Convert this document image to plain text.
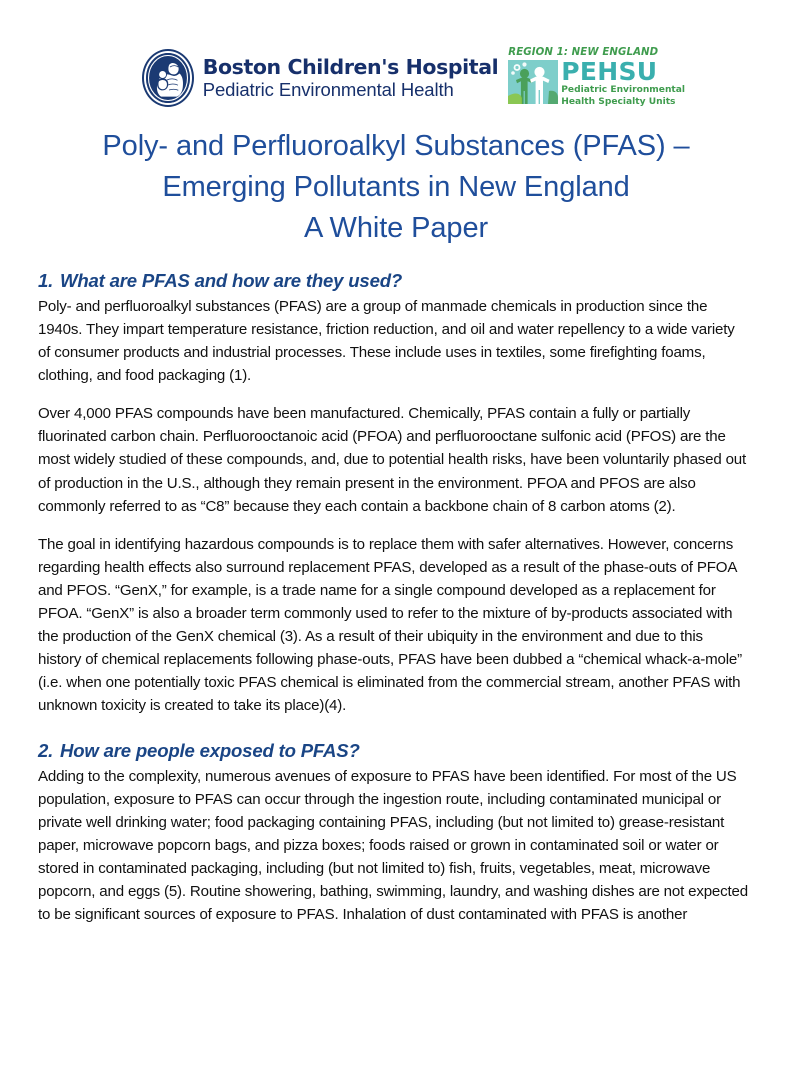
Boston Children's Hospital
Pediatric Environmental Health
REGION 1: NEW ENGLAND
PEHSU
Pediatric Environmental
Health Specialty Units
Poly- and Perfluoroalkyl Substances (PFAS) –
Emerging Pollutants in New England
A White Paper
1. What are PFAS and how are they used?

Poly- and perfluoroalkyl substances (PFAS) are a group of manmade chemicals in production since the 1940s. They impart temperature resistance, friction reduction, and oil and water repellency to a wide variety of consumer products and industrial processes. These include uses in textiles, some firefighting foams, clothing, and food packaging (1).

Over 4,000 PFAS compounds have been manufactured. Chemically, PFAS contain a fully or partially fluorinated carbon chain. Perfluorooctanoic acid (PFOA) and perfluorooctane sulfonic acid (PFOS) are the most widely studied of these compounds, and, due to potential health risks, have been voluntarily phased out of production in the U.S., although they remain present in the environment. PFOA and PFOS are also commonly referred to as “C8” because they each contain a backbone chain of 8 carbon atoms (2).

The goal in identifying hazardous compounds is to replace them with safer alternatives. However, concerns regarding health effects also surround replacement PFAS, developed as a result of the phase-outs of PFOA and PFOS. “GenX,” for example, is a trade name for a single compound developed as a replacement for PFOA. “GenX” is also a broader term commonly used to refer to the mixture of by-products associated with the production of the GenX chemical (3). As a result of their ubiquity in the environment and due to this history of chemical replacements following phase-outs, PFAS have been dubbed a “chemical whack-a-mole” (i.e. when one potentially toxic PFAS chemical is eliminated from the commercial stream, another PFAS with unknown toxicity is created to take its place)(4).

2. How are people exposed to PFAS?

Adding to the complexity, numerous avenues of exposure to PFAS have been identified. For most of the US population, exposure to PFAS can occur through the ingestion route, including contaminated municipal or private well drinking water; food packaging containing PFAS, including (but not limited to) grease-resistant paper, microwave popcorn bags, and pizza boxes; foods raised or grown in contaminated soil or water or stored in contaminated packaging, including (but not limited to) fish, fruits, vegetables, meat, microwave popcorn, and eggs (5). Routine showering, bathing, swimming, laundry, and washing dishes are not expected to be significant sources of exposure to PFAS. Inhalation of dust contaminated with PFAS is another
